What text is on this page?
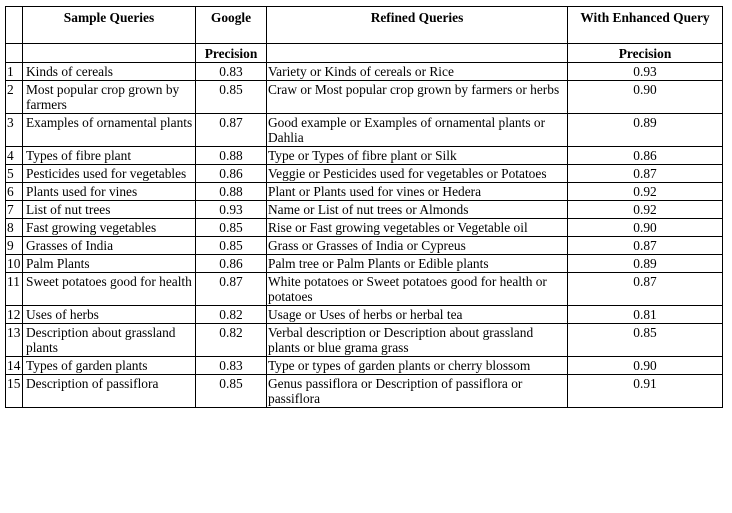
	Sample Queries	Google	Refined Queries	With Enhanced Query
		Precision		Precision
1	Kinds of cereals	0.83	Variety or Kinds of cereals or Rice	0.93
2	Most popular crop grown by farmers	0.85	Craw or Most popular crop grown by farmers or herbs	0.90
3	Examples of ornamental plants	0.87	Good example or Examples of ornamental plants or Dahlia	0.89
4	Types of fibre plant	0.88	Type or Types of fibre plant or Silk	0.86
5	Pesticides used for vegetables	0.86	Veggie or Pesticides used for vegetables or Potatoes	0.87
6	Plants used for vines	0.88	Plant or Plants used for vines or Hedera	0.92
7	List of nut trees	0.93	Name or List of nut trees or Almonds	0.92
8	Fast growing vegetables	0.85	Rise or Fast growing vegetables or Vegetable oil	0.90
9	Grasses of India	0.85	Grass or Grasses of India or Cypreus	0.87
10	Palm Plants	0.86	Palm tree or Palm Plants or Edible plants	0.89
11	Sweet potatoes good for health	0.87	White potatoes or Sweet potatoes good for health or potatoes	0.87
12	Uses of herbs	0.82	Usage or Uses of herbs or herbal tea	0.81
13	Description about grassland plants	0.82	Verbal description or Description about grassland plants or blue grama grass	0.85
14	Types of garden plants	0.83	Type or types of garden plants or cherry blossom	0.90
15	Description of passiflora	0.85	Genus passiflora or Description of passiflora or passiflora	0.91
